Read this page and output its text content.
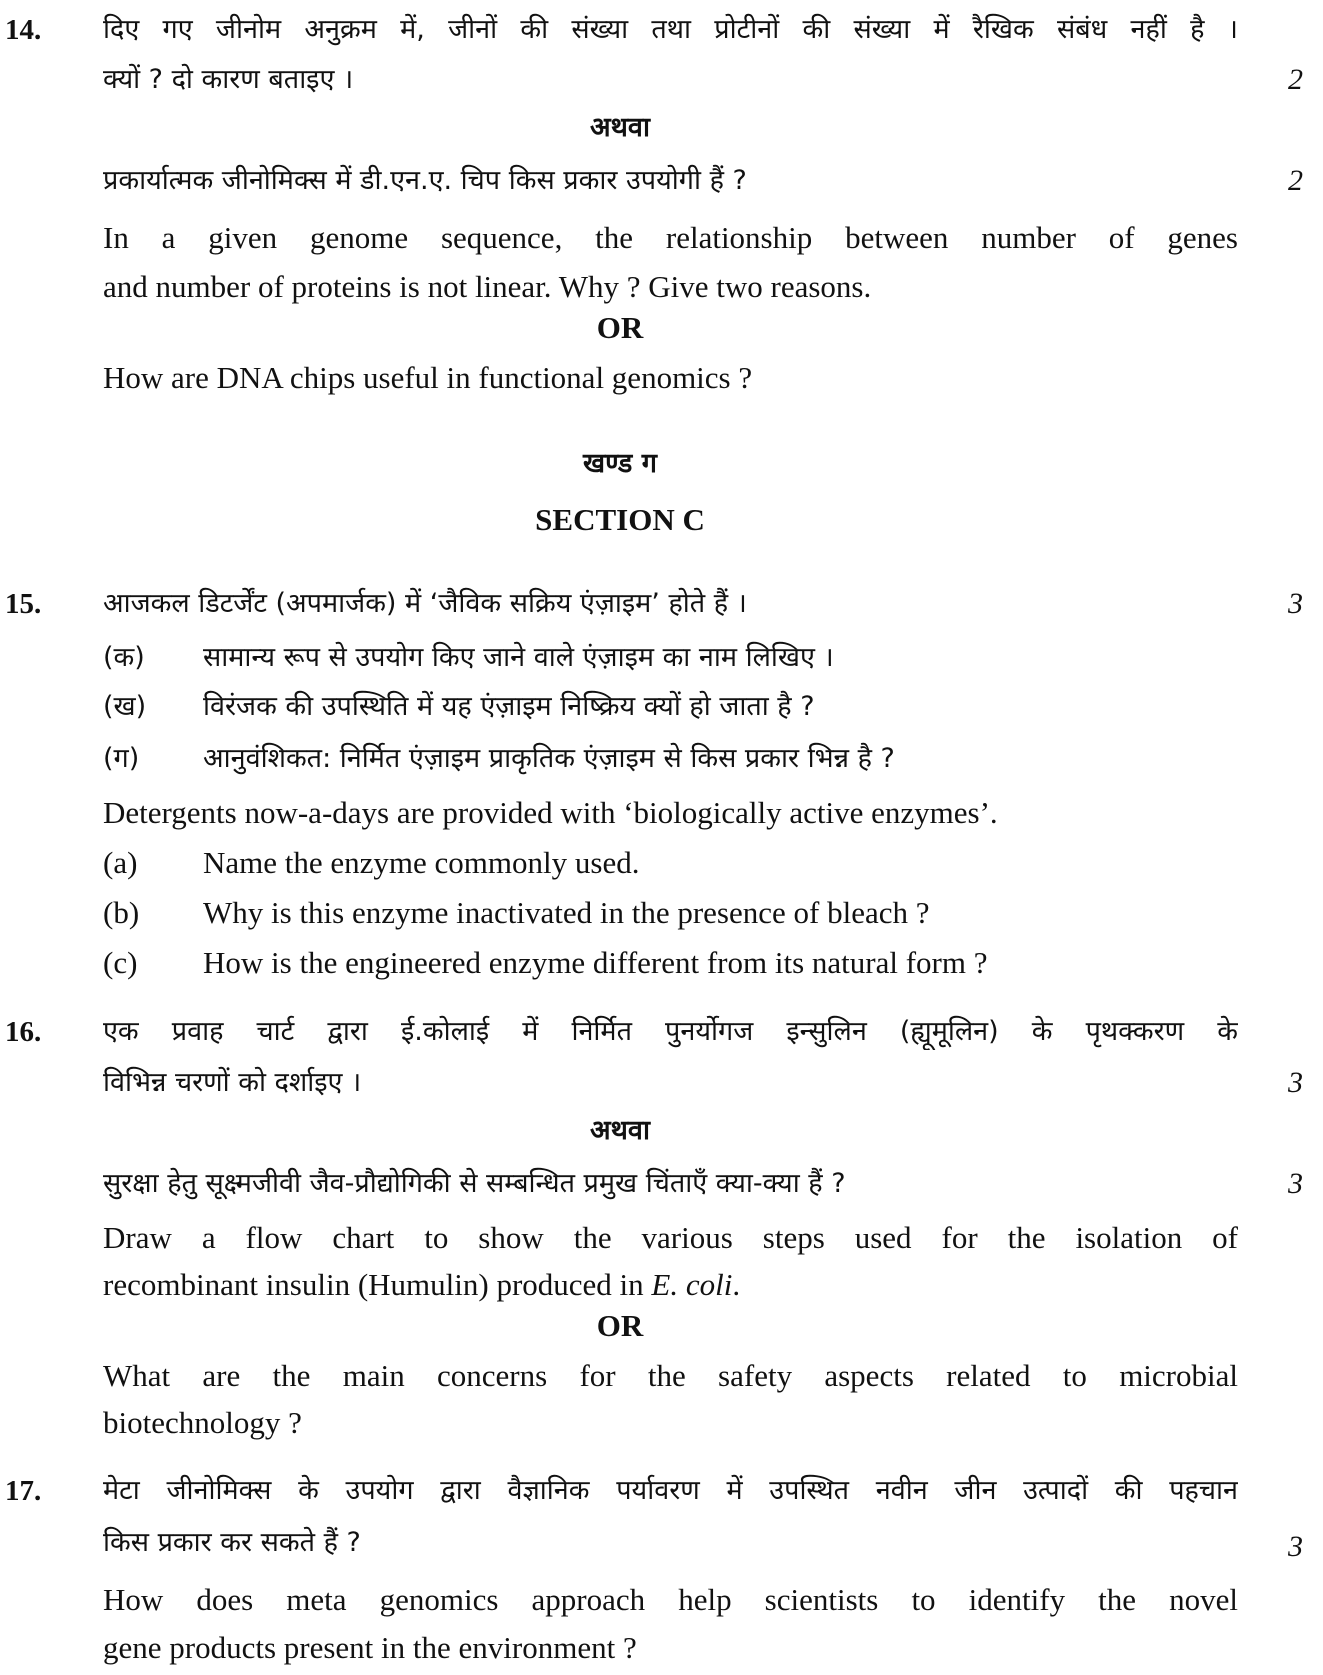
14. दिए गए जीनोम अनुक्रम में, जीनों की संख्या तथा प्रोटीनों की संख्या में रैखिक संबंध नहीं है ।
क्यों ? दो कारण बताइए ।	2
अथवा
प्रकार्यात्मक जीनोमिक्स में डी.एन.ए. चिप किस प्रकार उपयोगी हैं ?	2
In a given genome sequence, the relationship between number of genes
and number of proteins is not linear. Why ? Give two reasons.
OR
How are DNA chips useful in functional genomics ?
खण्ड ग
SECTION C
15. आजकल डिटर्जेंट (अपमार्जक) में ‘जैविक सक्रिय एंज़ाइम’ होते हैं ।	3
(क) सामान्य रूप से उपयोग किए जाने वाले एंज़ाइम का नाम लिखिए ।
(ख) विरंजक की उपस्थिति में यह एंज़ाइम निष्क्रिय क्यों हो जाता है ?
(ग) आनुवंशिकत: निर्मित एंज़ाइम प्राकृतिक एंज़ाइम से किस प्रकार भिन्न है ?
Detergents now-a-days are provided with ‘biologically active enzymes’.
(a) Name the enzyme commonly used.
(b) Why is this enzyme inactivated in the presence of bleach ?
(c) How is the engineered enzyme different from its natural form ?
16. एक प्रवाह चार्ट द्वारा ई.कोलाई में निर्मित पुनर्योगज इन्सुलिन (ह्यूमूलिन) के पृथक्करण के
विभिन्न चरणों को दर्शाइए ।	3
अथवा
सुरक्षा हेतु सूक्ष्मजीवी जैव-प्रौद्योगिकी से सम्बन्धित प्रमुख चिंताएँ क्या-क्या हैं ?	3
Draw a flow chart to show the various steps used for the isolation of
recombinant insulin (Humulin) produced in E. coli.
OR
What are the main concerns for the safety aspects related to microbial
biotechnology ?
17. मेटा जीनोमिक्स के उपयोग द्वारा वैज्ञानिक पर्यावरण में उपस्थित नवीन जीन उत्पादों की पहचान
किस प्रकार कर सकते हैं ?	3
How does meta genomics approach help scientists to identify the novel
gene products present in the environment ?
